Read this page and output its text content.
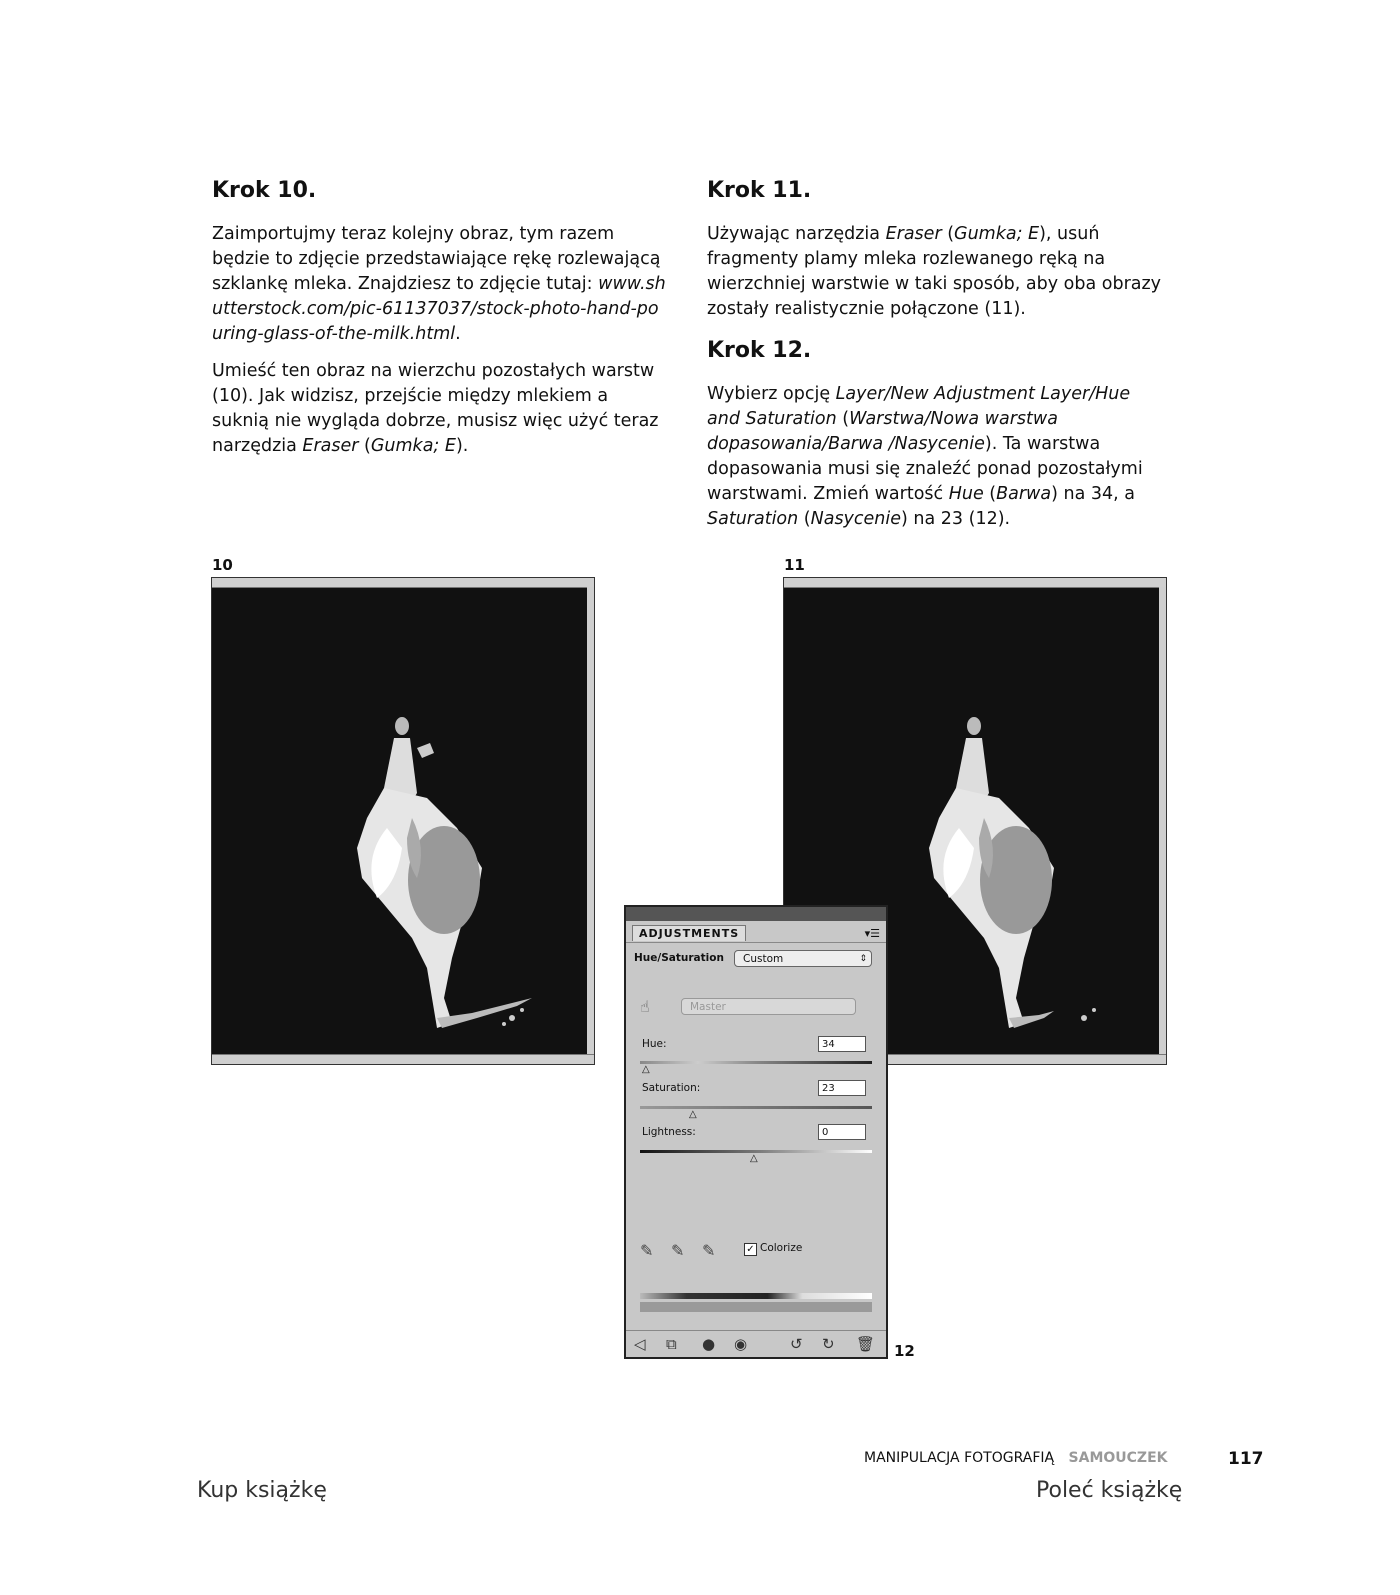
Krok 10.

Zaimportujmy teraz kolejny obraz, tym razem będzie to zdjęcie przedstawiające rękę rozlewającą szklankę mleka. Znajdziesz to zdjęcie tutaj: www.shutterstock.com/pic-61137037/stock-photo-hand-pouring-glass-of-the-milk.html.

Umieść ten obraz na wierzchu pozostałych warstw (10). Jak widzisz, przejście między mlekiem a suknią nie wygląda dobrze, musisz więc użyć teraz narzędzia Eraser (Gumka; E).

Krok 11.

Używając narzędzia Eraser (Gumka; E), usuń fragmenty plamy mleka rozlewanego ręką na wierzchniej warstwie w taki sposób, aby oba obrazy zostały realistycznie połączone (11).

Krok 12.

Wybierz opcję Layer/New Adjustment Layer/Hue and Saturation (Warstwa/Nowa warstwa dopasowania/Barwa /Nasycenie). Ta warstwa dopasowania musi się znaleźć ponad pozostałymi warstwami. Zmień wartość Hue (Barwa) na 34, a Saturation (Nasycenie) na 23 (12).

10	11
12
ADJUSTMENTS	▾☰
Hue/Saturation	Custom	⇕
☝	Master
Hue:	34
△
Saturation:	23
△
Lightness:	0
△
✎ ✎ ✎	✓ Colorize
◁ ⧉ ● ◉	↺ ↻ 🗑
MANIPULACJA FOTOGRAFIĄ SAMOUCZEK	117
Kup książkę	Poleć książkę
